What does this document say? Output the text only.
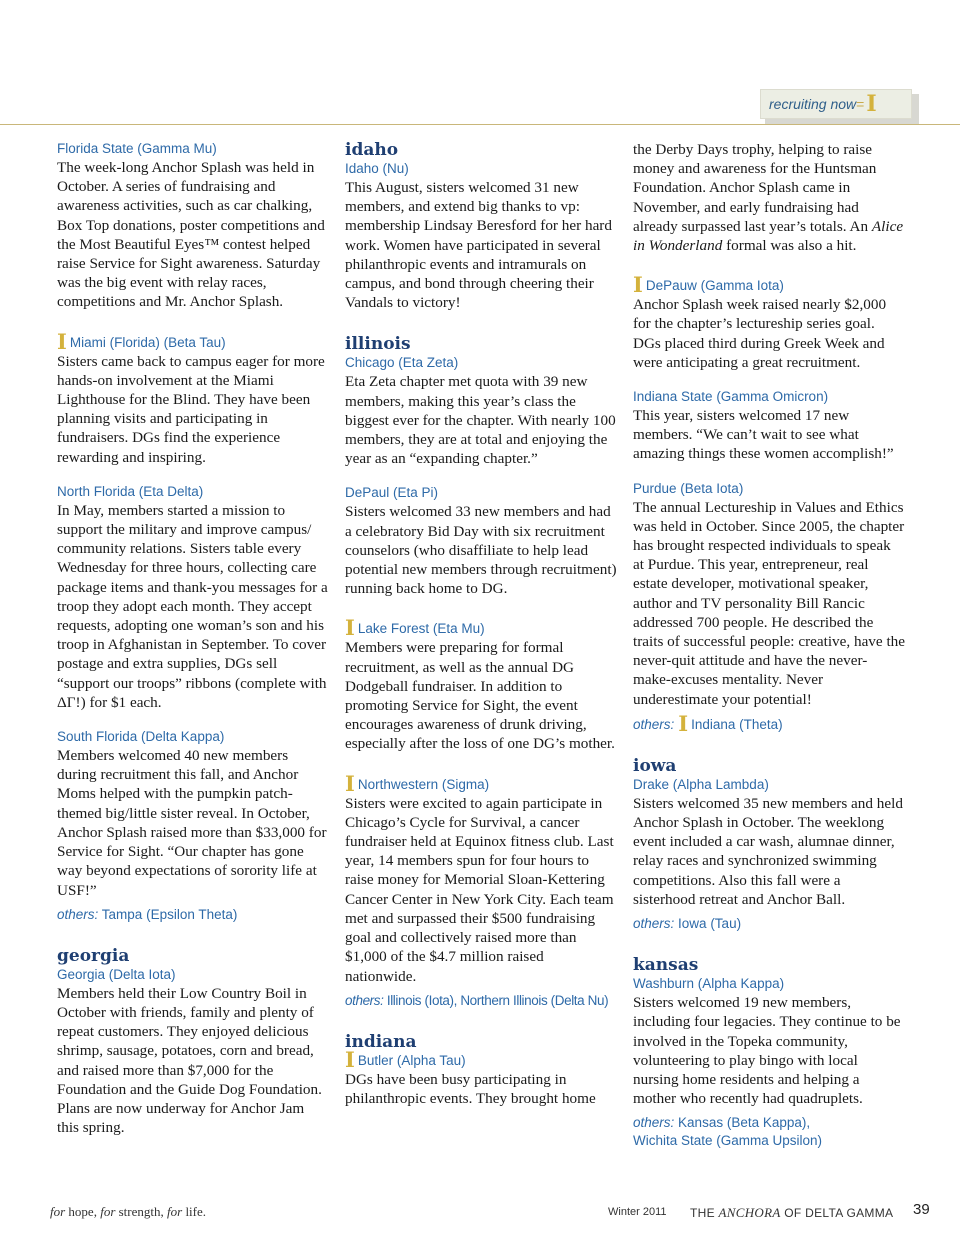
recruiting now=I

Florida State (Gamma Mu)

The week-long Anchor Splash was held in October. A series of fundraising and awareness activities, such as car chalking, Box Top donations, poster competitions and the Most Beautiful Eyes™ contest helped raise Service for Sight awareness. Saturday was the big event with relay races, competitions and Mr. Anchor Splash.

I Miami (Florida) (Beta Tau)

Sisters came back to campus eager for more hands-on involvement at the Miami Lighthouse for the Blind. They have been planning visits and participating in fundraisers. DGs find the experience rewarding and inspiring.

North Florida (Eta Delta)

In May, members started a mission to support the military and improve campus/ community relations. Sisters table every Wednesday for three hours, collecting care package items and thank-you messages for a troop they adopt each month. They accept requests, adopting one woman’s son and his troop in Afghanistan in September. To cover postage and extra supplies, DGs sell “support our troops” ribbons (complete with ΔΓ!) for $1 each.

South Florida (Delta Kappa)

Members welcomed 40 new members during recruitment this fall, and Anchor Moms helped with the pumpkin patch-themed big/little sister reveal. In October, Anchor Splash raised more than $33,000 for Service for Sight. “Our chapter has gone way beyond expectations of sorority life at USF!”

others: Tampa (Epsilon Theta)

georgia

Georgia (Delta Iota)

Members held their Low Country Boil in October with friends, family and plenty of repeat customers. They enjoyed delicious shrimp, sausage, potatoes, corn and bread, and raised more than $7,000 for the Foundation and the Guide Dog Foundation. Plans are now underway for Anchor Jam this spring.

idaho

Idaho (Nu)

This August, sisters welcomed 31 new members, and extend big thanks to vp: membership Lindsay Beresford for her hard work. Women have participated in several philanthropic events and intramurals on campus, and bond through cheering their Vandals to victory!

illinois

Chicago (Eta Zeta)

Eta Zeta chapter met quota with 39 new members, making this year’s class the biggest ever for the chapter. With nearly 100 members, they are at total and enjoying the year as an “expanding chapter.”

DePaul (Eta Pi)

Sisters welcomed 33 new members and had a celebratory Bid Day with six recruitment counselors (who disaffiliate to help lead potential new members through recruitment) running back home to DG.

I Lake Forest (Eta Mu)

Members were preparing for formal recruitment, as well as the annual DG Dodgeball fundraiser. In addition to promoting Service for Sight, the event encourages awareness of drunk driving, especially after the loss of one DG’s mother.

I Northwestern (Sigma)

Sisters were excited to again participate in Chicago’s Cycle for Survival, a cancer fundraiser held at Equinox fitness club. Last year, 14 members spun for four hours to raise money for Memorial Sloan-Kettering Cancer Center in New York City. Each team met and surpassed their $500 fundraising goal and collectively raised more than $1,000 of the $4.7 million raised nationwide.

others: Illinois (Iota), Northern Illinois (Delta Nu)

indiana

I Butler (Alpha Tau)

DGs have been busy participating in philanthropic events. They brought home

the Derby Days trophy, helping to raise money and awareness for the Huntsman Foundation. Anchor Splash came in November, and early fundraising had already surpassed last year’s totals. An Alice in Wonderland formal was also a hit.

I DePauw (Gamma Iota)

Anchor Splash week raised nearly $2,000 for the chapter’s lectureship series goal. DGs placed third during Greek Week and were anticipating a great recruitment.

Indiana State (Gamma Omicron)

This year, sisters welcomed 17 new members. “We can’t wait to see what amazing things these women accomplish!”

Purdue (Beta Iota)

The annual Lectureship in Values and Ethics was held in October. Since 2005, the chapter has brought respected individuals to speak at Purdue. This year, entrepreneur, real estate developer, motivational speaker, author and TV personality Bill Rancic addressed 700 people. He described the traits of successful people: creative, have the never-quit attitude and have the never-make-excuses mentality. Never underestimate your potential!

others: I Indiana (Theta)

iowa

Drake (Alpha Lambda)

Sisters welcomed 35 new members and held Anchor Splash in October. The weeklong event included a car wash, alumnae dinner, relay races and synchronized swimming competitions. Also this fall were a sisterhood retreat and Anchor Ball.

others: Iowa (Tau)

kansas

Washburn (Alpha Kappa)

Sisters welcomed 19 new members, including four legacies. They continue to be involved in the Topeka community, volunteering to play bingo with local nursing home residents and helping a mother who recently had quadruplets.

others: Kansas (Beta Kappa),
Wichita State (Gamma Upsilon)

for hope, for strength, for life.	Winter 2011 THE ANCHORA OF DELTA GAMMA 39
